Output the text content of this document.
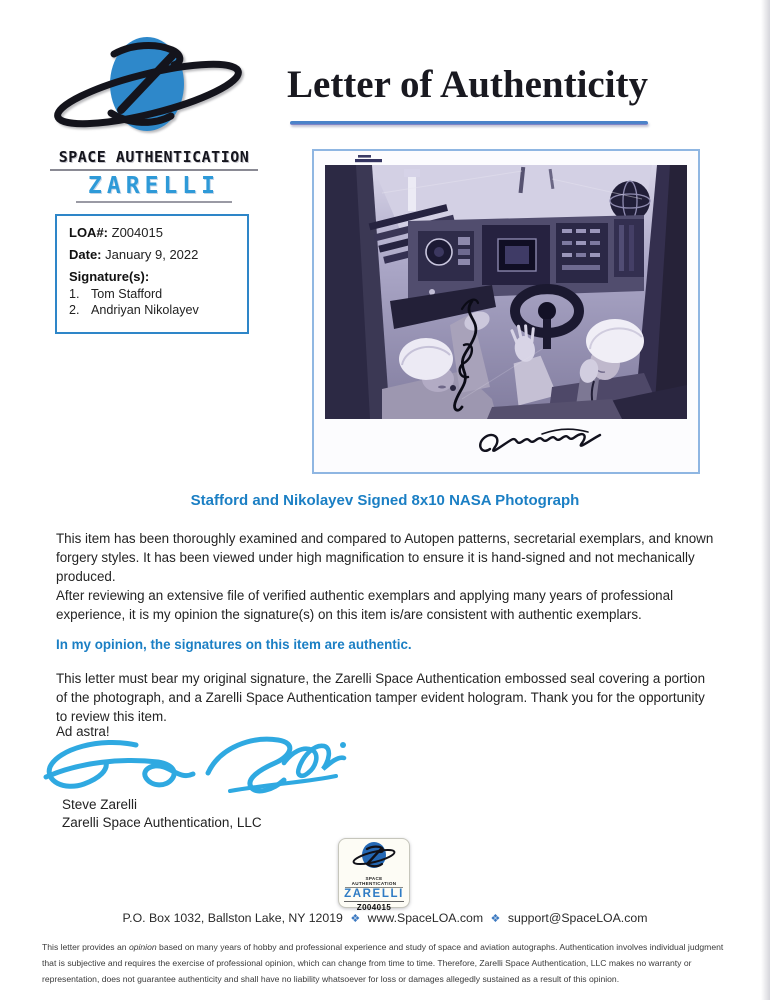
SPACE AUTHENTICATION
ZARELLI
Letter of Authenticity
LOA#: Z004015
Date: January 9, 2022
Signature(s):
1. Tom Stafford
2. Andriyan Nikolayev
Stafford and Nikolayev Signed 8x10 NASA Photograph
This item has been thoroughly examined and compared to Autopen patterns, secretarial exemplars, and known forgery styles. It has been viewed under high magnification to ensure it is hand-signed and not mechanically produced.
After reviewing an extensive file of verified authentic exemplars and applying many years of professional experience, it is my opinion the signature(s) on this item is/are consistent with authentic exemplars.
In my opinion, the signatures on this item are authentic.
This letter must bear my original signature, the Zarelli Space Authentication embossed seal covering a portion of the photograph, and a Zarelli Space Authentication tamper evident hologram. Thank you for the opportunity to review this item.
Ad astra!
Steve Zarelli
Zarelli Space Authentication, LLC
SPACE AUTHENTICATION
ZARELLI
Z004015
P.O. Box 1032, Ballston Lake, NY 12019 ❖ www.SpaceLOA.com ❖ support@SpaceLOA.com
This letter provides an opinion based on many years of hobby and professional experience and study of space and aviation autographs. Authentication involves individual judgment that is subjective and requires the exercise of professional opinion, which can change from time to time. Therefore, Zarelli Space Authentication, LLC makes no warranty or representation, does not guarantee authenticity and shall have no liability whatsoever for loss or damages allegedly sustained as a result of this opinion.
